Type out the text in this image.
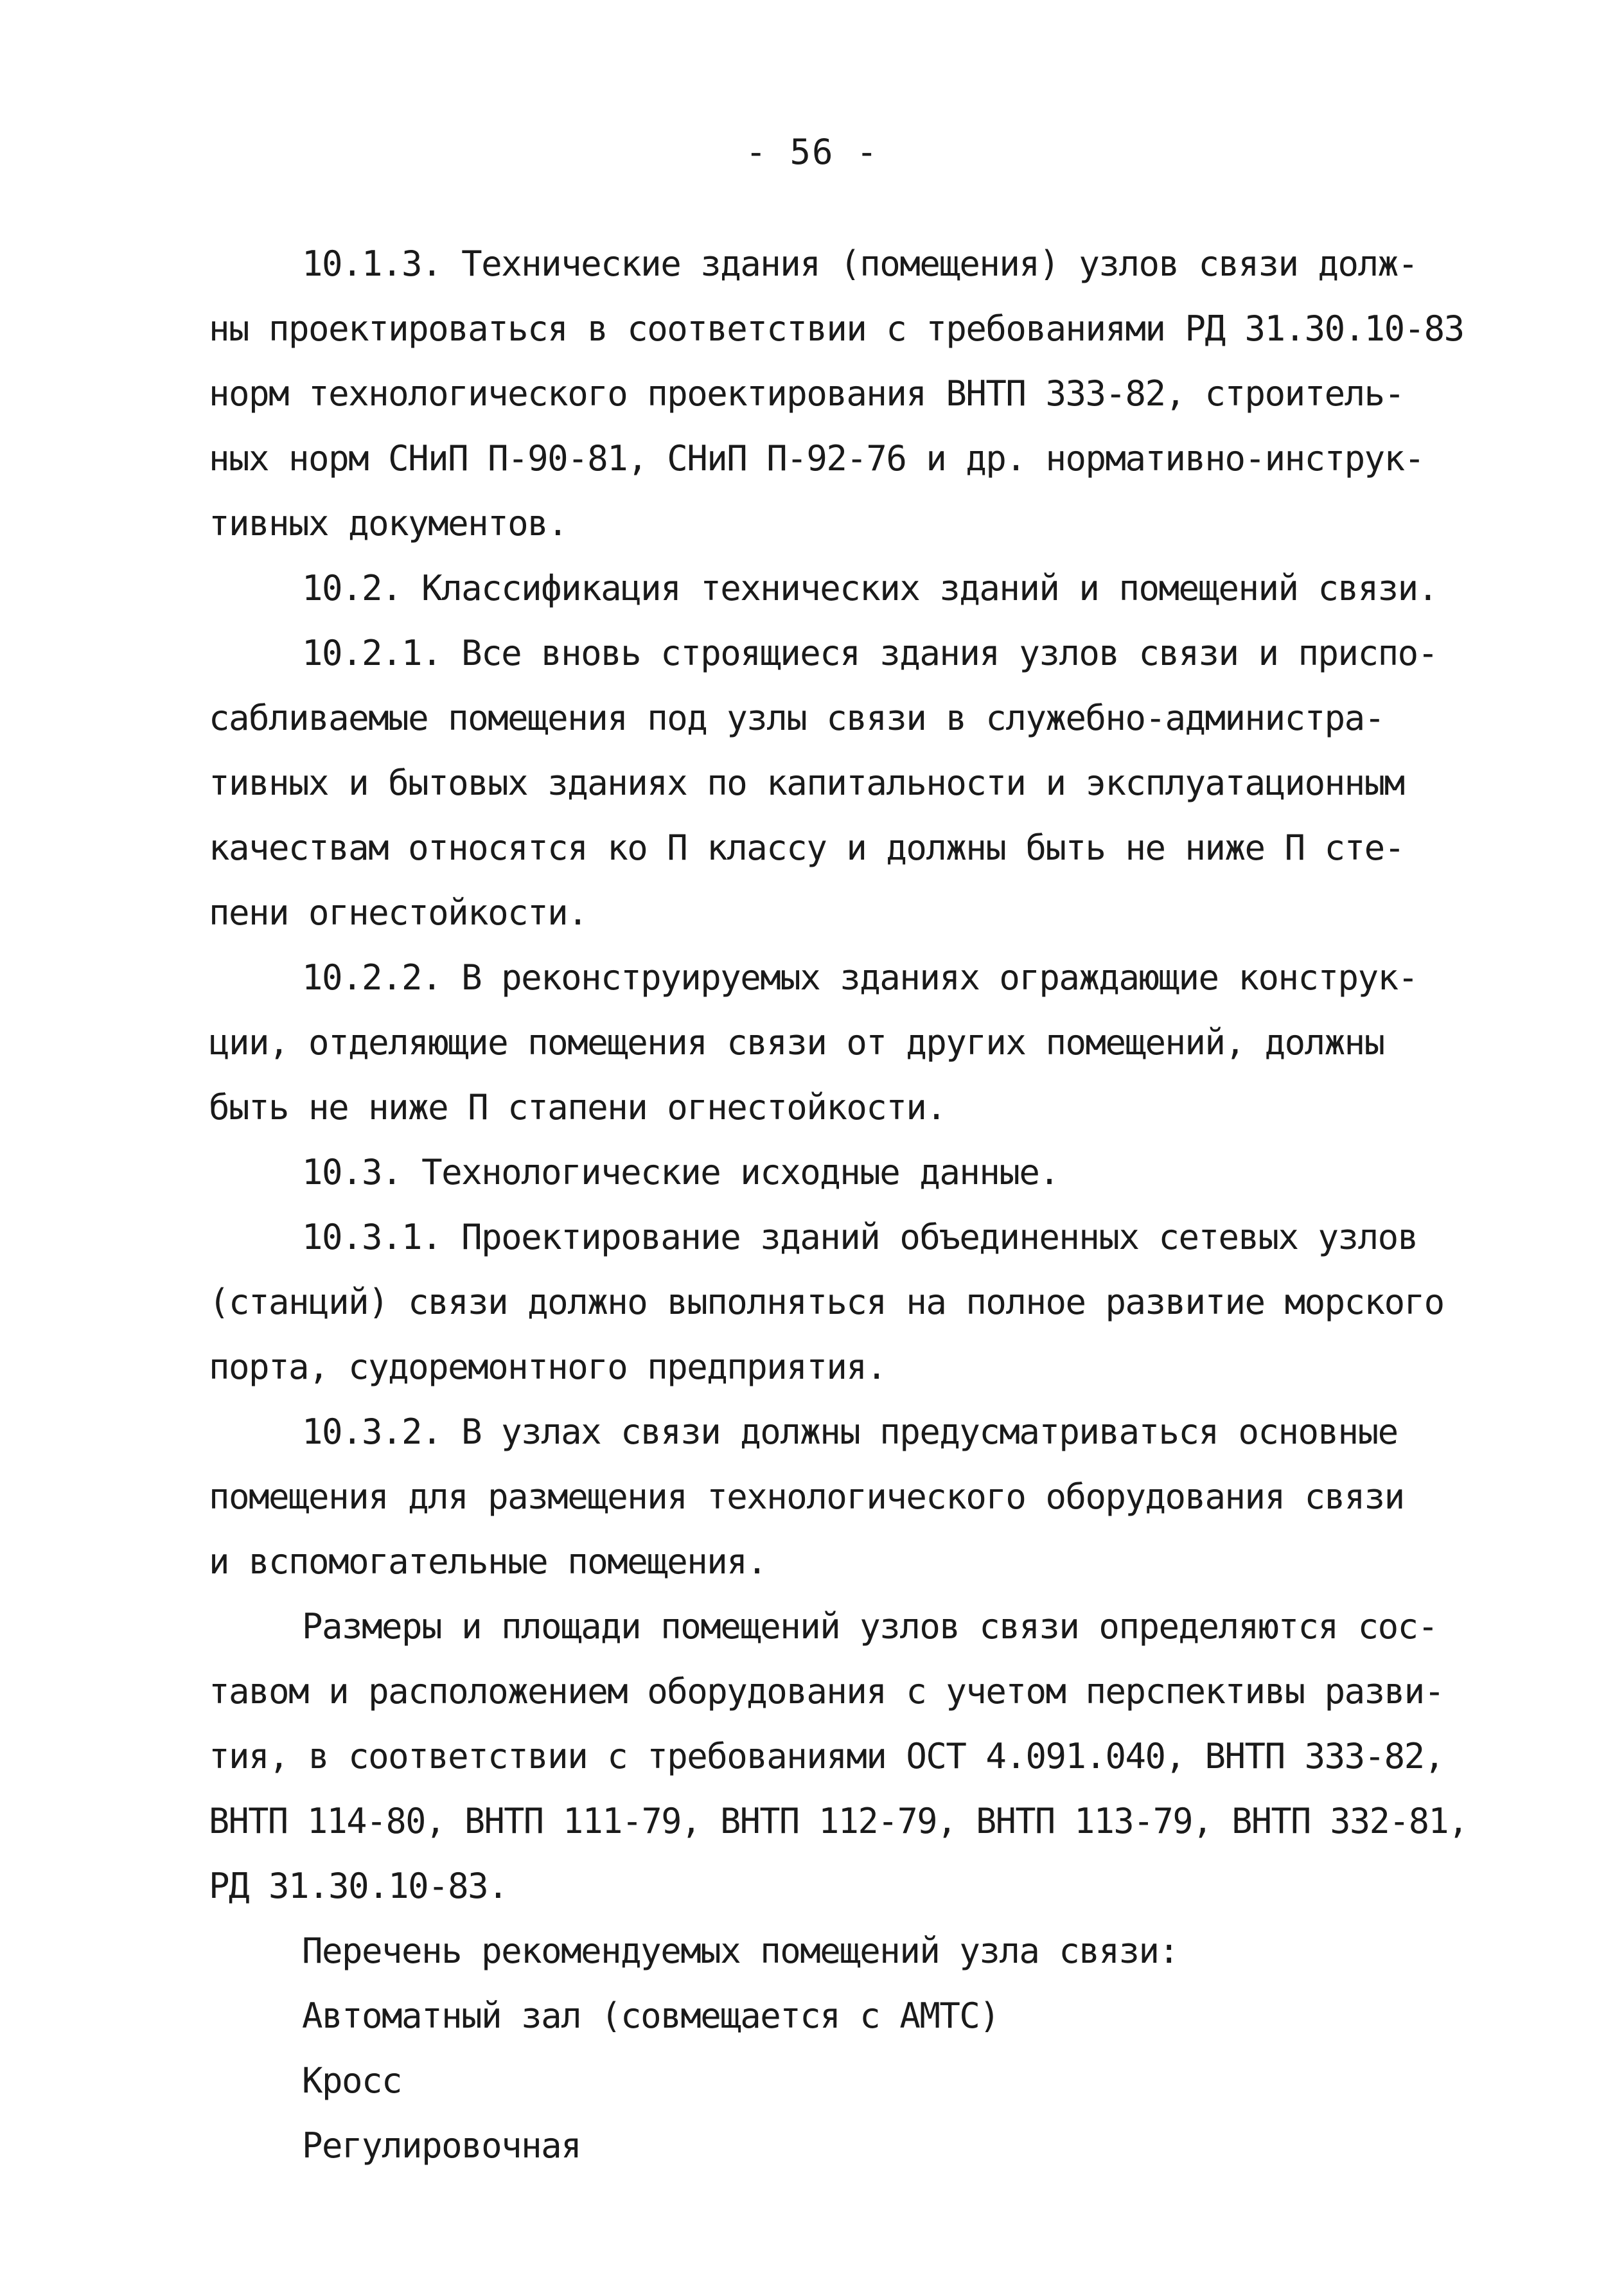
- 56 -
10.1.3. Технические здания (помещения) узлов связи долж-
ны проектироваться в соответствии с требованиями РД 31.30.10-83
норм технологического проектирования ВНТП 333-82, строитель-
ных норм СНиП П-90-81, СНиП П-92-76 и др. нормативно-инструк-
тивных документов.
10.2. Классификация технических зданий и помещений связи.
10.2.1. Все вновь строящиеся здания узлов связи и приспо-
сабливаемые помещения под узлы связи в служебно-администра-
тивных и бытовых зданиях по капитальности и эксплуатационным
качествам относятся ко П классу и должны быть не ниже П сте-
пени огнестойкости.
10.2.2. В реконструируемых зданиях ограждающие конструк-
ции, отделяющие помещения связи от других помещений, должны
быть не ниже П стапени огнестойкости.
10.3. Технологические исходные данные.
10.3.1. Проектирование зданий объединенных сетевых узлов
(станций) связи должно выполняться на полное развитие морского
порта, судоремонтного предприятия.
10.3.2. В узлах связи должны предусматриваться основные
помещения для размещения технологического оборудования связи
и вспомогательные помещения.
Размеры и площади помещений узлов связи определяются сос-
тавом и расположением оборудования с учетом перспективы разви-
тия, в соответствии с требованиями ОСТ 4.091.040, ВНТП 333-82,
ВНТП 114-80, ВНТП 111-79, ВНТП 112-79, ВНТП 113-79, ВНТП 332-81,
РД 31.30.10-83.
Перечень рекомендуемых помещений узла связи:
Автоматный зал (совмещается с АМТС)
Кросс
Регулировочная
